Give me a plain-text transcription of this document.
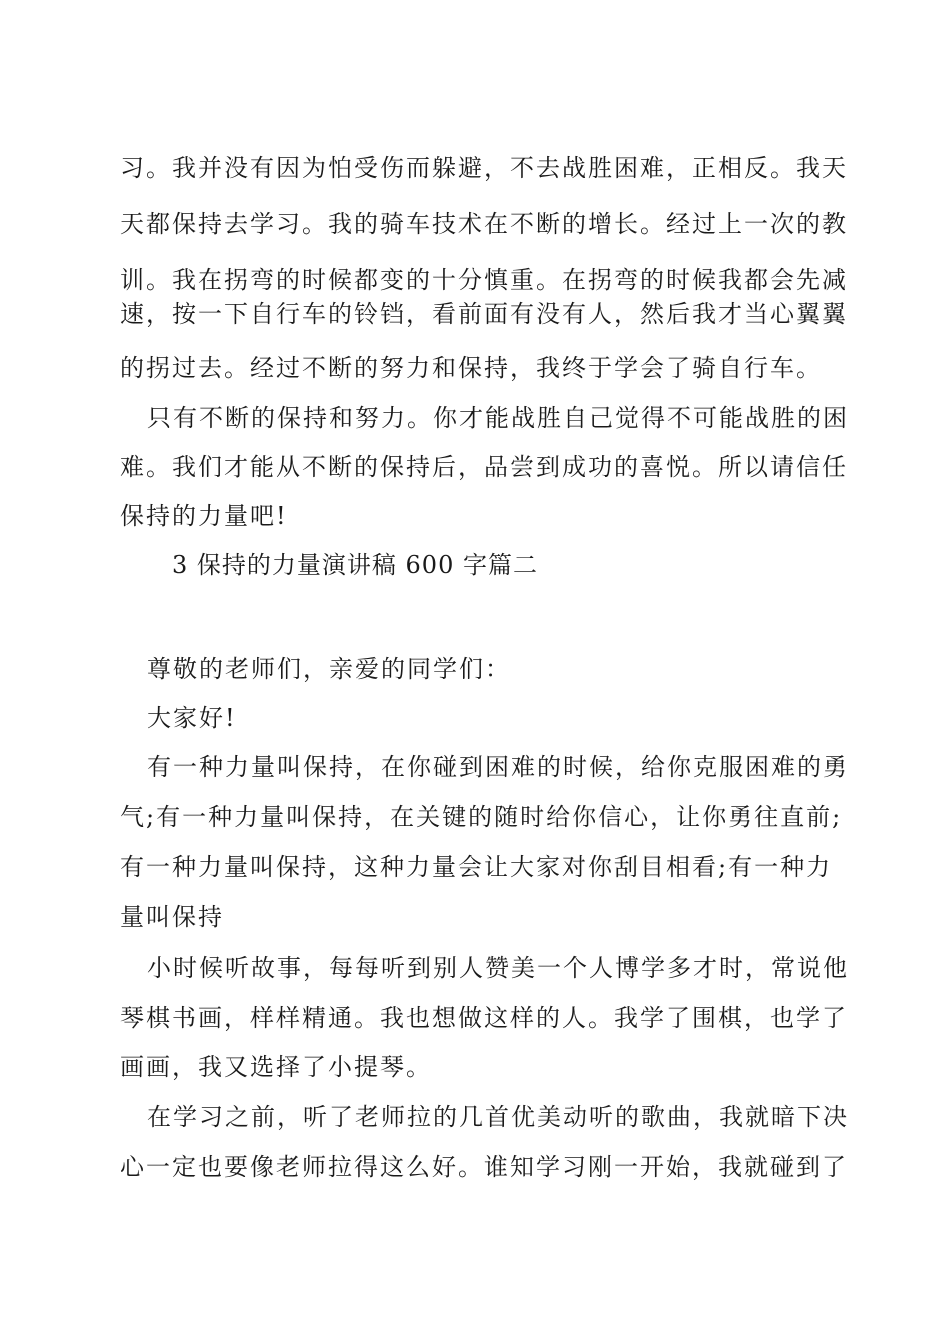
习。我并没有因为怕受伤而躲避，不去战胜困难，正相反。我天
天都保持去学习。我的骑车技术在不断的增长。经过上一次的教
训。我在拐弯的时候都变的十分慎重。在拐弯的时候我都会先减
速，按一下自行车的铃铛，看前面有没有人，然后我才当心翼翼
的拐过去。经过不断的努力和保持，我终于学会了骑自行车。
只有不断的保持和努力。你才能战胜自己觉得不可能战胜的困
难。我们才能从不断的保持后，品尝到成功的喜悦。所以请信任
保持的力量吧!
3 保持的力量演讲稿 600 字篇二
尊敬的老师们，亲爱的同学们：
大家好!
有一种力量叫保持，在你碰到困难的时候，给你克服困难的勇
气;有一种力量叫保持，在关键的随时给你信心，让你勇往直前;
有一种力量叫保持，这种力量会让大家对你刮目相看;有一种力
量叫保持
小时候听故事，每每听到别人赞美一个人博学多才时，常说他
琴棋书画，样样精通。我也想做这样的人。我学了围棋，也学了
画画，我又选择了小提琴。
在学习之前，听了老师拉的几首优美动听的歌曲，我就暗下决
心一定也要像老师拉得这么好。谁知学习刚一开始，我就碰到了
